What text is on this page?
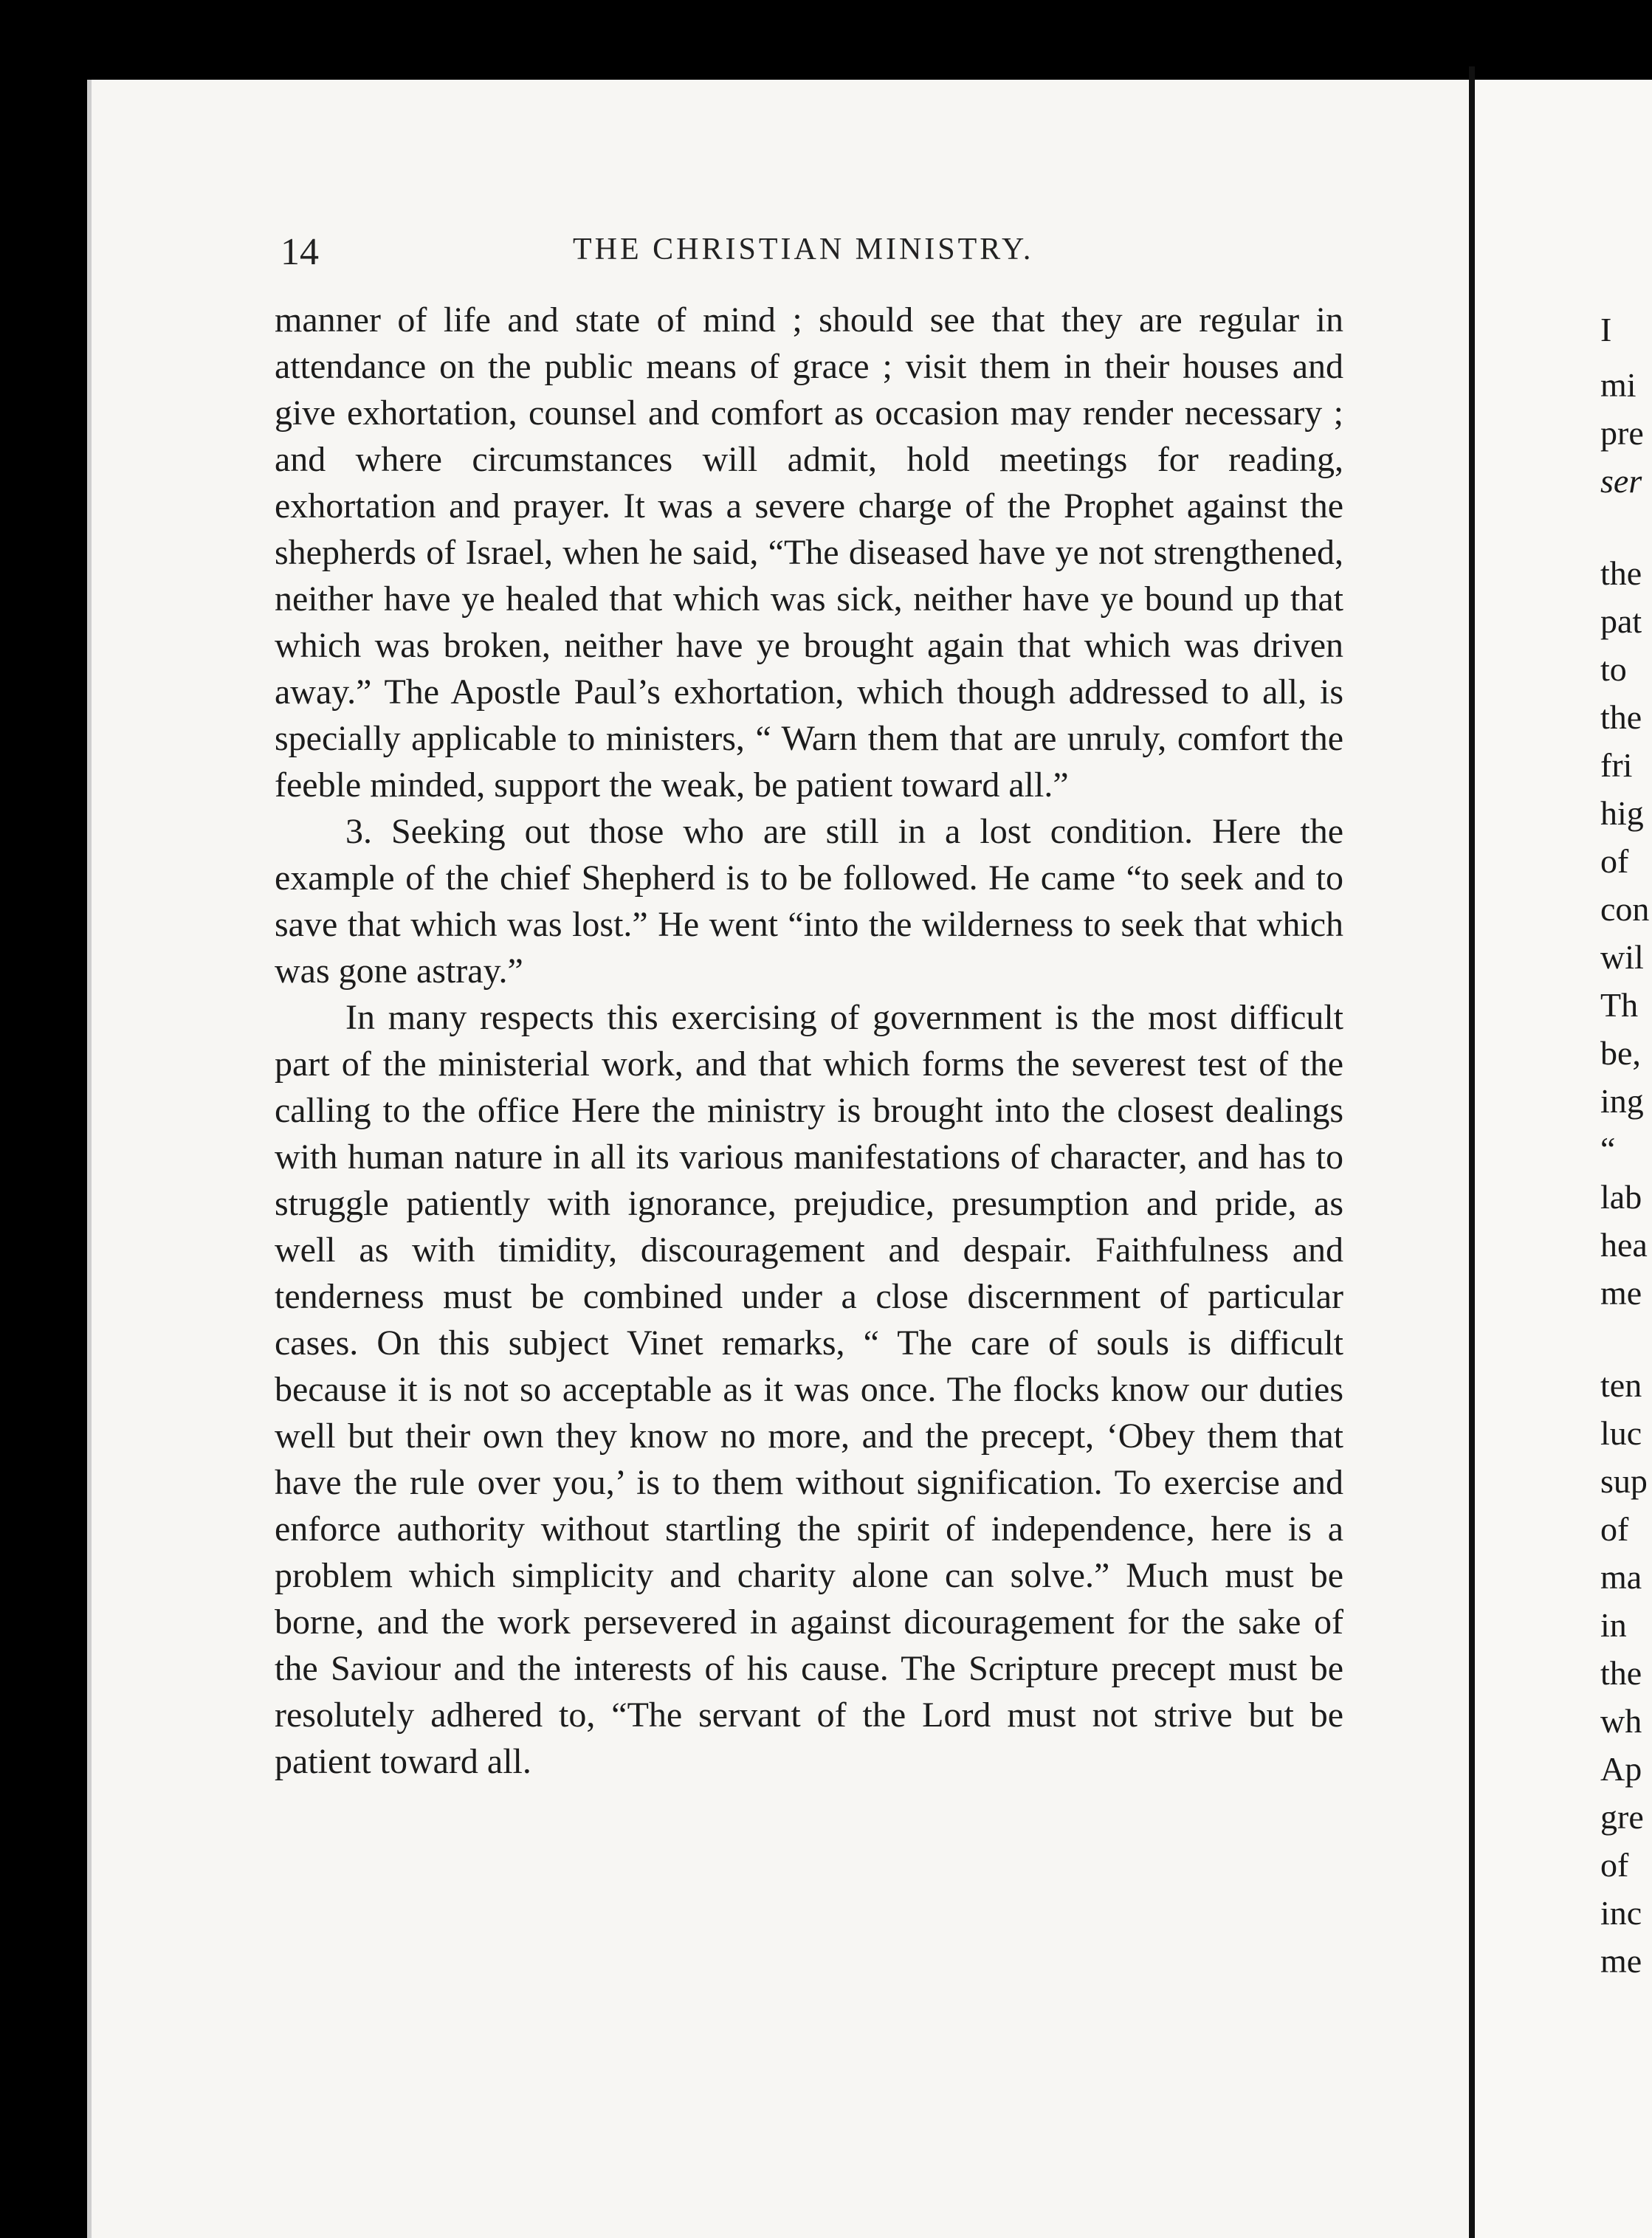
14	THE CHRISTIAN MINISTRY.

manner of life and state of mind ; should see that they are regular in attendance on the public means of grace ; visit them in their houses and give exhortation, counsel and comfort as occasion may render necessary ; and where circumstances will admit, hold meetings for reading, exhortation and prayer. It was a severe charge of the Prophet against the shepherds of Israel, when he said, “The diseased have ye not strengthened, neither have ye healed that which was sick, neither have ye bound up that which was broken, neither have ye brought again that which was driven away.” The Apostle Paul’s exhortation, which though addressed to all, is specially applicable to ministers, “ Warn them that are unruly, comfort the feeble minded, support the weak, be patient toward all.”

3. Seeking out those who are still in a lost condition. Here the example of the chief Shepherd is to be followed. He came “to seek and to save that which was lost.” He went “into the wilderness to seek that which was gone astray.”

In many respects this exercising of government is the most difficult part of the ministerial work, and that which forms the severest test of the calling to the office Here the ministry is brought into the closest dealings with human nature in all its various manifestations of character, and has to struggle patiently with ignorance, prejudice, presumption and pride, as well as with timidity, discouragement and despair. Faithfulness and tenderness must be combined under a close discernment of particular cases. On this subject Vinet remarks, “ The care of souls is difficult because it is not so acceptable as it was once. The flocks know our duties well but their own they know no more, and the precept, ‘Obey them that have the rule over you,’ is to them without signification. To exercise and enforce authority without startling the spirit of independence, here is a problem which simplicity and charity alone can solve.” Much must be borne, and the work persevered in against dicouragement for the sake of the Saviour and the interests of his cause. The Scripture precept must be resolutely adhered to, “The servant of the Lord must not strive but be patient toward all.

I
mi
pre
ser
the
pat
to
the
fri
hig
of
con
wil
Th
be,
ing
“
lab
hea
me
ten
luc
sup
of
ma
in
the
wh
Ap
gre
of
inc
me
